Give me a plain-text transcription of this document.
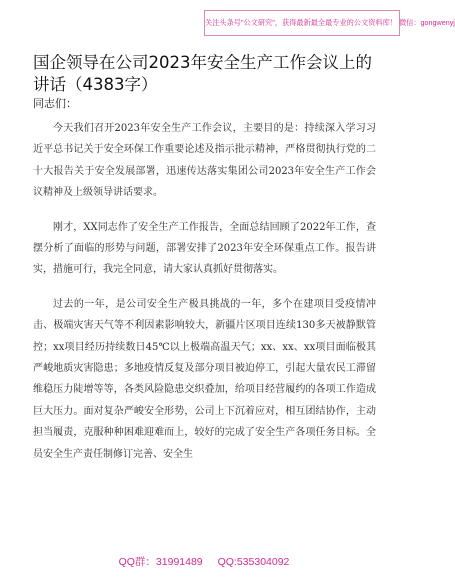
关注头条号"公文研究"，获得最新最全最专业的公文资料库！ 微信：gongwenyj
国企领导在公司2023年安全生产工作会议上的讲话（4383字）
同志们：

今天我们召开2023年安全生产工作会议，主要目的是：持续深入学习习近平总书记关于安全环保工作重要论述及指示批示精神，严格贯彻执行党的二十大报告关于安全发展部署，迅速传达落实集团公司2023年安全生产工作会议精神及上级领导讲话要求。

刚才，XX同志作了安全生产工作报告，全面总结回顾了2022年工作，查摆分析了面临的形势与问题，部署安排了2023年安全环保重点工作。报告讲实，措施可行，我完全同意，请大家认真抓好贯彻落实。

过去的一年，是公司安全生产极具挑战的一年，多个在建项目受疫情冲击、极端灾害天气等不利因素影响较大，新疆片区项目连续130多天被静默管控；xx项目经历持续数日45℃以上极端高温天气；xx、xx、xx项目面临极其严峻地质灾害隐患；多地疫情反复及部分项目被迫停工，引起大量农民工滞留维稳压力陡增等等，各类风险隐患交织叠加，给项目经营履约的各项工作造成巨大压力。面对复杂严峻安全形势，公司上下沉着应对，相互团结协作，主动担当履责，克服种种困难迎难而上，较好的完成了安全生产各项任务目标。全员安全生产责任制修订完善、安全生

QQ群：31991489 QQ:535304092
